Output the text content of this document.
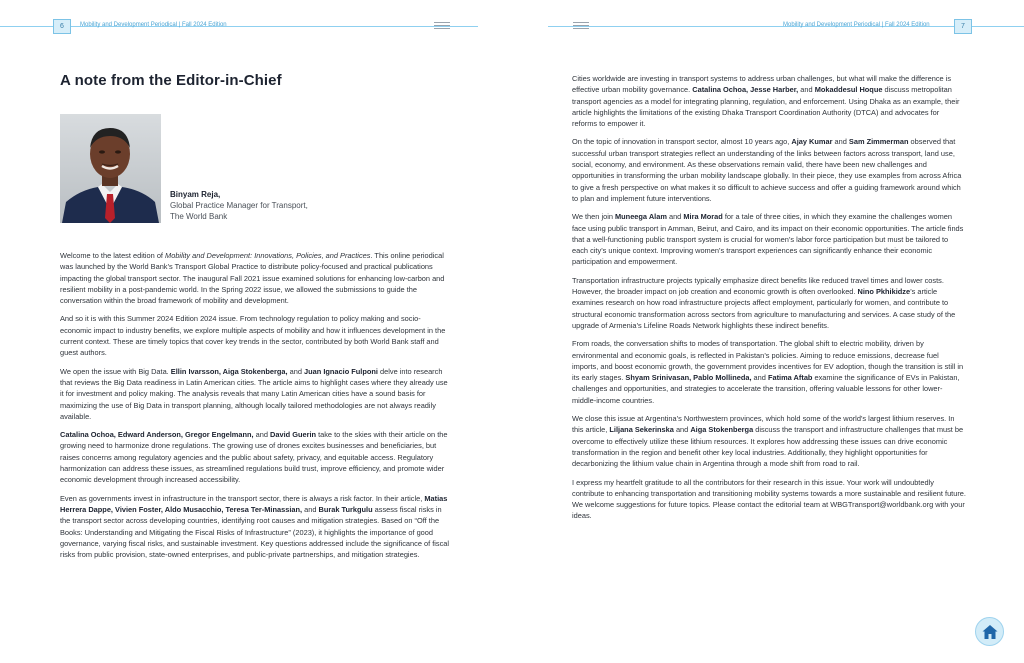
6	Mobility and Development Periodical | Fall 2024 Edition	Mobility and Development Periodical | Fall 2024 Edition	7
A note from the Editor-in-Chief
Binyam Reja,
Global Practice Manager for Transport,
The World Bank

Welcome to the latest edition of Mobility and Development: Innovations, Policies, and Practices. This online periodical was launched by the World Bank’s Transport Global Practice to distribute policy-focused and practical publications impacting the global transport sector. The inaugural Fall 2021 issue examined solutions for enhancing low-carbon and resilient mobility in a post-pandemic world. In the Spring 2022 issue, we allowed the submissions to guide the conversation within the broad framework of mobility and development.

And so it is with this Summer 2024 Edition 2024 issue. From technology regulation to policy making and socio-economic impact to industry benefits, we explore multiple aspects of mobility and how it influences development in the current context. These are timely topics that cover key trends in the sector, contributed by both World Bank staff and guest authors.

We open the issue with Big Data. Ellin Ivarsson, Aiga Stokenberga, and Juan Ignacio Fulponi delve into research that reviews the Big Data readiness in Latin American cities. The article aims to highlight cases where they already use it for investment and policy making. The analysis reveals that many Latin American cities have a sound basis for maximizing the use of Big Data in transport planning, although locally tailored methodologies are not always readily available.

Catalina Ochoa, Edward Anderson, Gregor Engelmann, and David Guerin take to the skies with their article on the growing need to harmonize drone regulations. The growing use of drones excites businesses and beneficiaries, but raises concerns among regulatory agencies and the public about safety, privacy, and equitable access. Regulatory harmonization can address these issues, as streamlined regulations build trust, improve efficiency, and promote wider economic development through increased accessibility.

Even as governments invest in infrastructure in the transport sector, there is always a risk factor. In their article, Matias Herrera Dappe, Vivien Foster, Aldo Musacchio, Teresa Ter-Minassian, and Burak Turkgulu assess fiscal risks in the transport sector across developing countries, identifying root causes and mitigation strategies. Based on “Off the Books: Understanding and Mitigating the Fiscal Risks of Infrastructure” (2023), it highlights the importance of good governance, varying fiscal risks, and sustainable investment. Key questions addressed include the significance of fiscal risks from public provision, state-owned enterprises, and public-private partnerships, and mitigation strategies.

Cities worldwide are investing in transport systems to address urban challenges, but what will make the difference is effective urban mobility governance. Catalina Ochoa, Jesse Harber, and Mokaddesul Hoque discuss metropolitan transport agencies as a model for integrating planning, regulation, and enforcement. Using Dhaka as an example, their article highlights the limitations of the existing Dhaka Transport Coordination Authority (DTCA) and advocates for reforms to empower it.

On the topic of innovation in transport sector, almost 10 years ago, Ajay Kumar and Sam Zimmerman observed that successful urban transport strategies reflect an understanding of the links between factors across transport, land use, social, economy, and environment. As these observations remain valid, there have been new challenges and opportunities in transforming the urban mobility landscape globally. In their piece, they use examples from across Africa to give a fresh perspective on what makes it so difficult to achieve success and offer a guiding framework around which to plan and implement future interventions.

We then join Muneega Alam and Mira Morad for a tale of three cities, in which they examine the challenges women face using public transport in Amman, Beirut, and Cairo, and its impact on their economic opportunities. The article finds that a well-functioning public transport system is crucial for women’s labor force participation but must be tailored to each city’s unique context. Improving women’s transport experiences can significantly enhance their economic participation and empowerment.

Transportation infrastructure projects typically emphasize direct benefits like reduced travel times and lower costs. However, the broader impact on job creation and economic growth is often overlooked. Nino Pkhikidze’s article examines research on how road infrastructure projects affect employment, particularly for women, and contribute to structural economic transformation across sectors from agriculture to manufacturing and services. A case study of the upgrade of Armenia’s Lifeline Roads Network highlights these indirect benefits.

From roads, the conversation shifts to modes of transportation. The global shift to electric mobility, driven by environmental and economic goals, is reflected in Pakistan’s policies. Aiming to reduce emissions, decrease fuel imports, and boost economic growth, the government provides incentives for EV adoption, though the transition is still in its early stages. Shyam Srinivasan, Pablo Mollineda, and Fatima Aftab examine the significance of EVs in Pakistan, challenges and opportunities, and strategies to accelerate the transition, offering valuable lessons for other lower-middle-income countries.

We close this issue at Argentina’s Northwestern provinces, which hold some of the world’s largest lithium reserves. In this article, Liljana Sekerinska and Aiga Stokenberga discuss the transport and infrastructure challenges that must be overcome to effectively utilize these lithium resources. It explores how addressing these issues can drive economic transformation in the region and benefit other key local industries. Additionally, they highlight opportunities for decarbonizing the lithium value chain in Argentina through a mode shift from road to rail.

I express my heartfelt gratitude to all the contributors for their research in this issue. Your work will undoubtedly contribute to enhancing transportation and transitioning mobility systems towards a more sustainable and resilient future. We welcome suggestions for future topics. Please contact the editorial team at WBGTransport@worldbank.org with your ideas.
